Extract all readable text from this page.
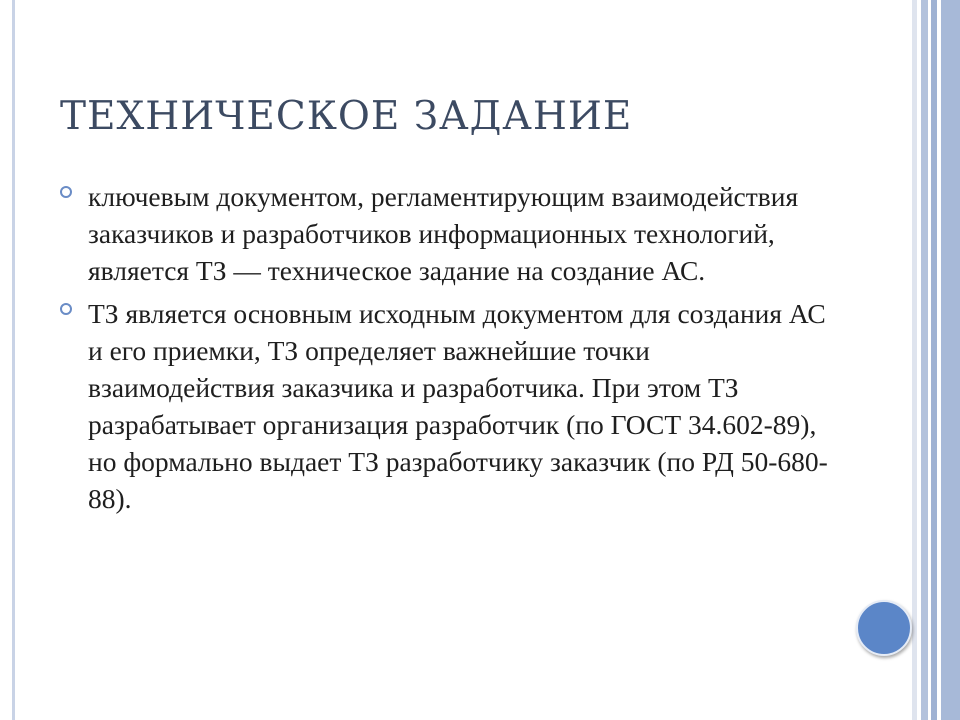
ТЕХНИЧЕСКОЕ ЗАДАНИЕ
ключевым документом, регламентирующим взаимодействия заказчиков и разработчиков информационных технологий, является ТЗ — техническое задание на создание АС.
ТЗ является основным исходным документом для создания АС и его приемки, ТЗ определяет важнейшие точки взаимодействия заказчика и разработчика. При этом ТЗ разрабатывает организация разработчик (по ГОСТ 34.602-89), но формально выдает ТЗ разработчику заказчик (по РД 50-680-88).
